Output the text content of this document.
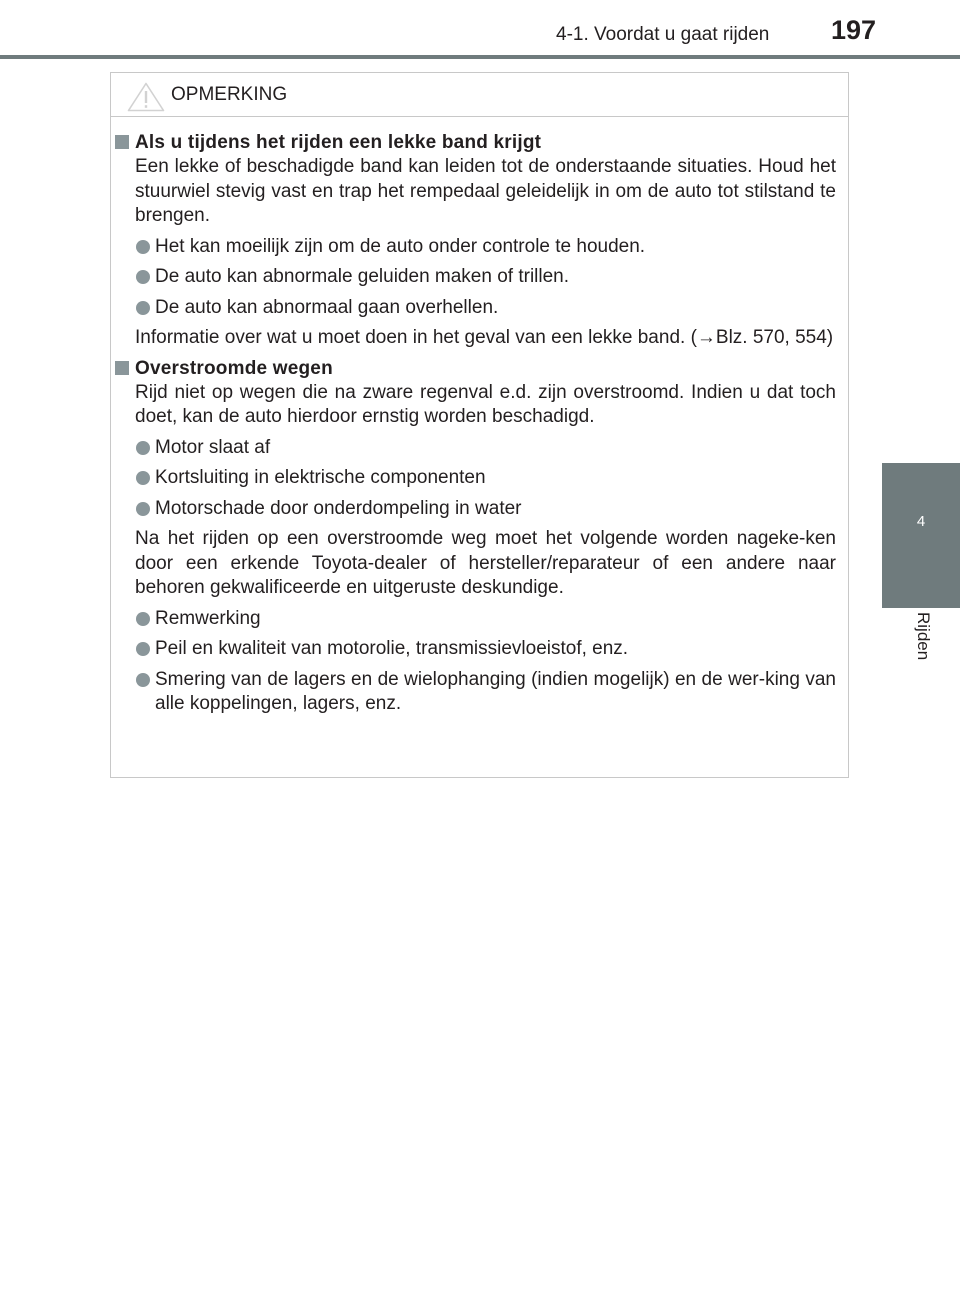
4-1. Voordat u gaat rijden 197
4
Rijden
OPMERKING
Als u tijdens het rijden een lekke band krijgt
Een lekke of beschadigde band kan leiden tot de onderstaande situaties. Houd het stuurwiel stevig vast en trap het rempedaal geleidelijk in om de auto tot stilstand te brengen.
Het kan moeilijk zijn om de auto onder controle te houden.
De auto kan abnormale geluiden maken of trillen.
De auto kan abnormaal gaan overhellen.
Informatie over wat u moet doen in het geval van een lekke band. (→Blz. 570, 554)
Overstroomde wegen
Rijd niet op wegen die na zware regenval e.d. zijn overstroomd. Indien u dat toch doet, kan de auto hierdoor ernstig worden beschadigd.
Motor slaat af
Kortsluiting in elektrische componenten
Motorschade door onderdompeling in water
Na het rijden op een overstroomde weg moet het volgende worden nageke-ken door een erkende Toyota-dealer of hersteller/reparateur of een andere naar behoren gekwalificeerde en uitgeruste deskundige.
Remwerking
Peil en kwaliteit van motorolie, transmissievloeistof, enz.
Smering van de lagers en de wielophanging (indien mogelijk) en de wer-king van alle koppelingen, lagers, enz.
